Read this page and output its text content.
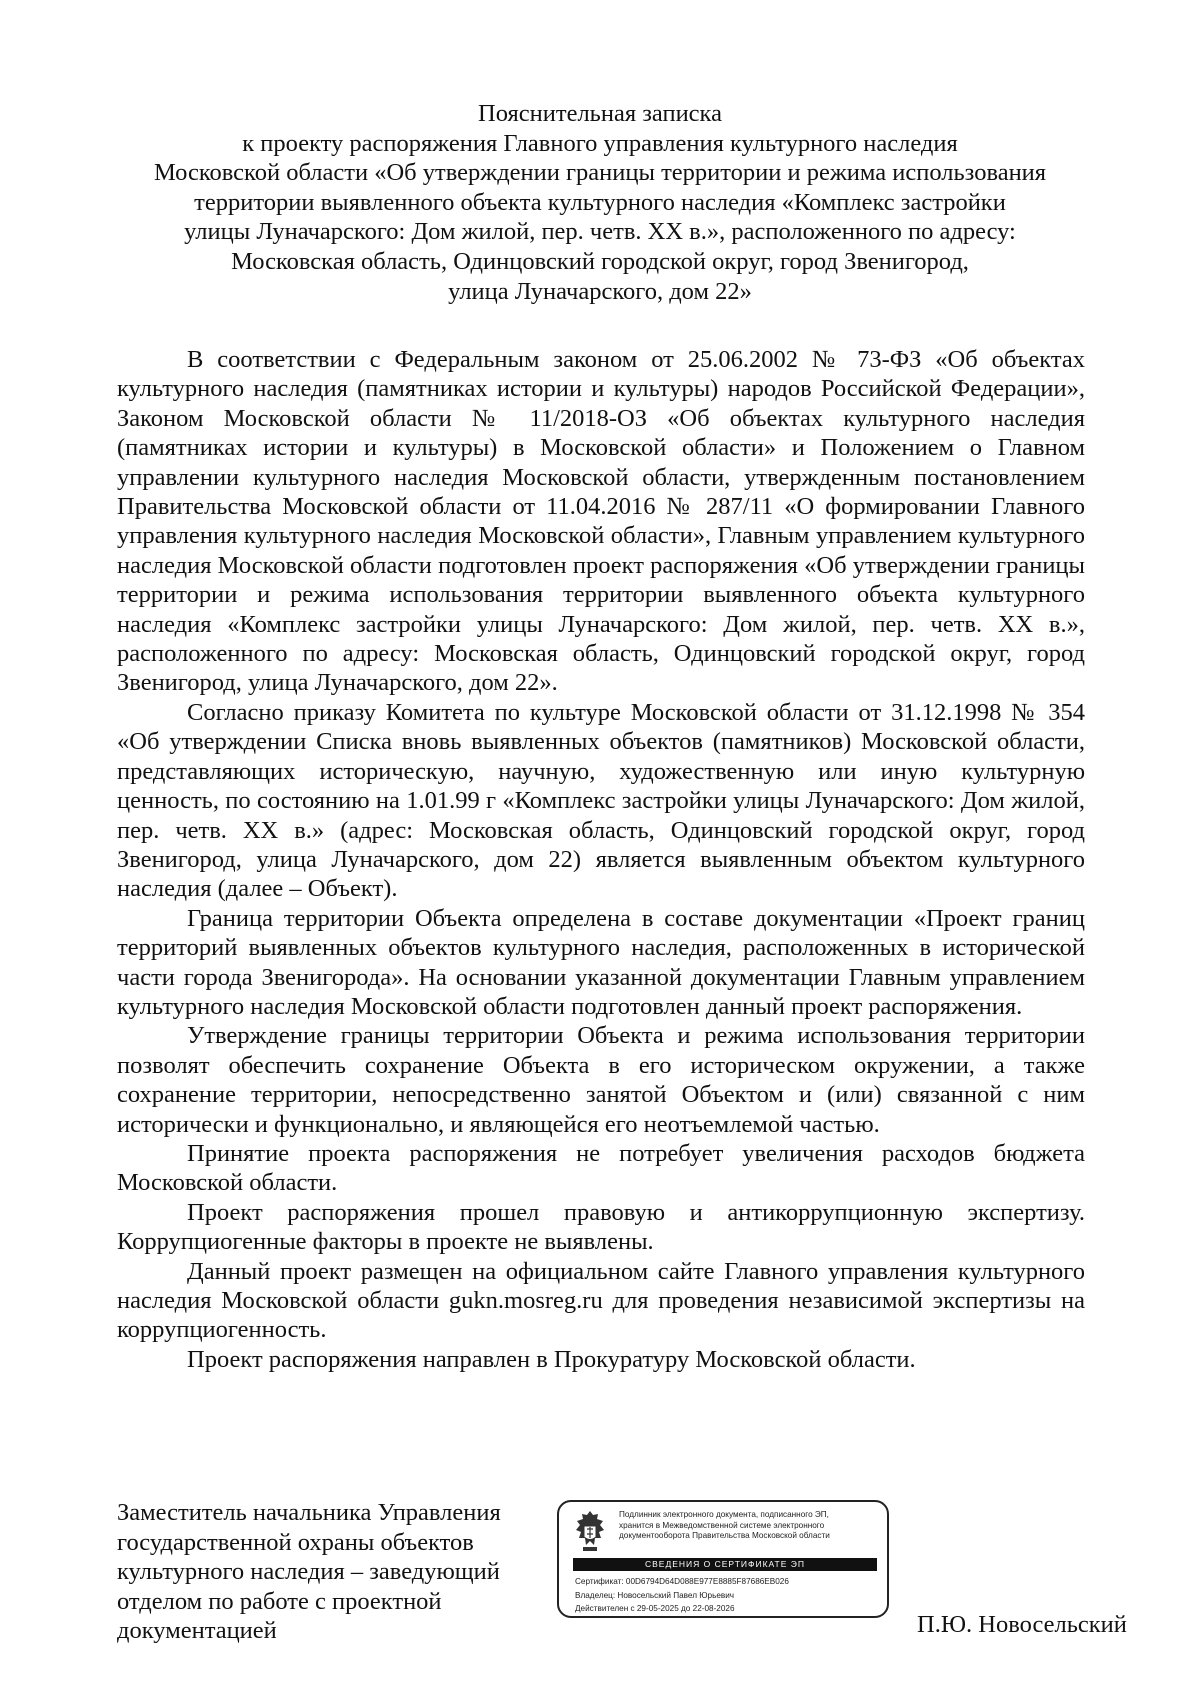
Пояснительная записка
к проекту распоряжения Главного управления культурного наследия
Московской области «Об утверждении границы территории и режима использования
территории выявленного объекта культурного наследия «Комплекс застройки
улицы Луначарского: Дом жилой, пер. четв. XX в.», расположенного по адресу:
Московская область, Одинцовский городской округ, город Звенигород,
улица Луначарского, дом 22»

В соответствии с Федеральным законом от 25.06.2002 № 73-ФЗ «Об объектах культурного наследия (памятниках истории и культуры) народов Российской Федерации», Законом Московской области № 11/2018-ОЗ «Об объектах культурного наследия (памятниках истории и культуры) в Московской области» и Положением о Главном управлении культурного наследия Московской области, утвержденным постановлением Правительства Московской области от 11.04.2016 № 287/11 «О формировании Главного управления культурного наследия Московской области», Главным управлением культурного наследия Московской области подготовлен проект распоряжения «Об утверждении границы территории и режима использования территории выявленного объекта культурного наследия «Комплекс застройки улицы Луначарского: Дом жилой, пер. четв. XX в.», расположенного по адресу: Московская область, Одинцовский городской округ, город Звенигород, улица Луначарского, дом 22».

Согласно приказу Комитета по культуре Московской области от 31.12.1998 № 354 «Об утверждении Списка вновь выявленных объектов (памятников) Московской области, представляющих историческую, научную, художественную или иную культурную ценность, по состоянию на 1.01.99 г «Комплекс застройки улицы Луначарского: Дом жилой, пер. четв. XX в.» (адрес: Московская область, Одинцовский городской округ, город Звенигород, улица Луначарского, дом 22) является выявленным объектом культурного наследия (далее – Объект).

Граница территории Объекта определена в составе документации «Проект границ территорий выявленных объектов культурного наследия, расположенных в исторической части города Звенигорода». На основании указанной документации Главным управлением культурного наследия Московской области подготовлен данный проект распоряжения.

Утверждение границы территории Объекта и режима использования территории позволят обеспечить сохранение Объекта в его историческом окружении, а также сохранение территории, непосредственно занятой Объектом и (или) связанной с ним исторически и функционально, и являющейся его неотъемлемой частью.

Принятие проекта распоряжения не потребует увеличения расходов бюджета Московской области.

Проект распоряжения прошел правовую и антикоррупционную экспертизу. Коррупциогенные факторы в проекте не выявлены.

Данный проект размещен на официальном сайте Главного управления культурного наследия Московской области gukn.mosreg.ru для проведения независимой экспертизы на коррупциогенность.

Проект распоряжения направлен в Прокуратуру Московской области.

Заместитель начальника Управления
государственной охраны объектов
культурного наследия – заведующий
отделом по работе с проектной
документацией
Подлинник электронного документа, подписанного ЭП,
хранится в Межведомственной системе электронного
документооборота Правительства Московской области
СВЕДЕНИЯ О СЕРТИФИКАТЕ ЭП
Сертификат: 00D6794D64D088E977E8885F87686EB026
Владелец: Новосельский Павел Юрьевич
Действителен с 29-05-2025 до 22-08-2026
П.Ю. Новосельский
